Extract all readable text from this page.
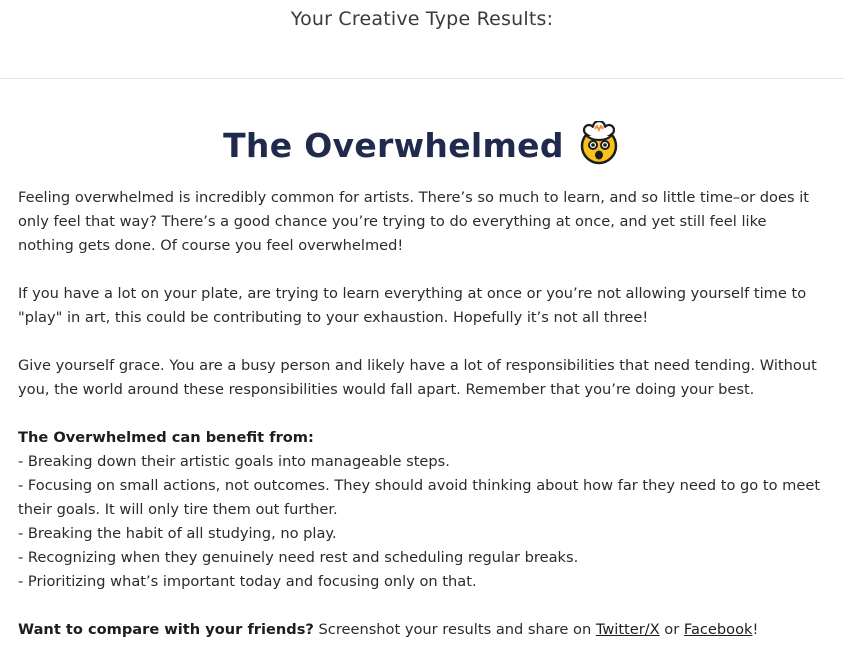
Your Creative Type Results:
The Overwhelmed

Feeling overwhelmed is incredibly common for artists. There’s so much to learn, and so little time–or does it only feel that way? There’s a good chance you’re trying to do everything at once, and yet still feel like nothing gets done. Of course you feel overwhelmed!

If you have a lot on your plate, are trying to learn everything at once or you’re not allowing yourself time to "play" in art, this could be contributing to your exhaustion. Hopefully it’s not all three!

Give yourself grace. You are a busy person and likely have a lot of responsibilities that need tending. Without you, the world around these responsibilities would fall apart. Remember that you’re doing your best.

The Overwhelmed can benefit from:
- Breaking down their artistic goals into manageable steps.
- Focusing on small actions, not outcomes. They should avoid thinking about how far they need to go to meet their goals. It will only tire them out further.
- Breaking the habit of all studying, no play.
- Recognizing when they genuinely need rest and scheduling regular breaks.
- Prioritizing what’s important today and focusing only on that.
Want to compare with your friends? Screenshot your results and share on Twitter/X or Facebook!
